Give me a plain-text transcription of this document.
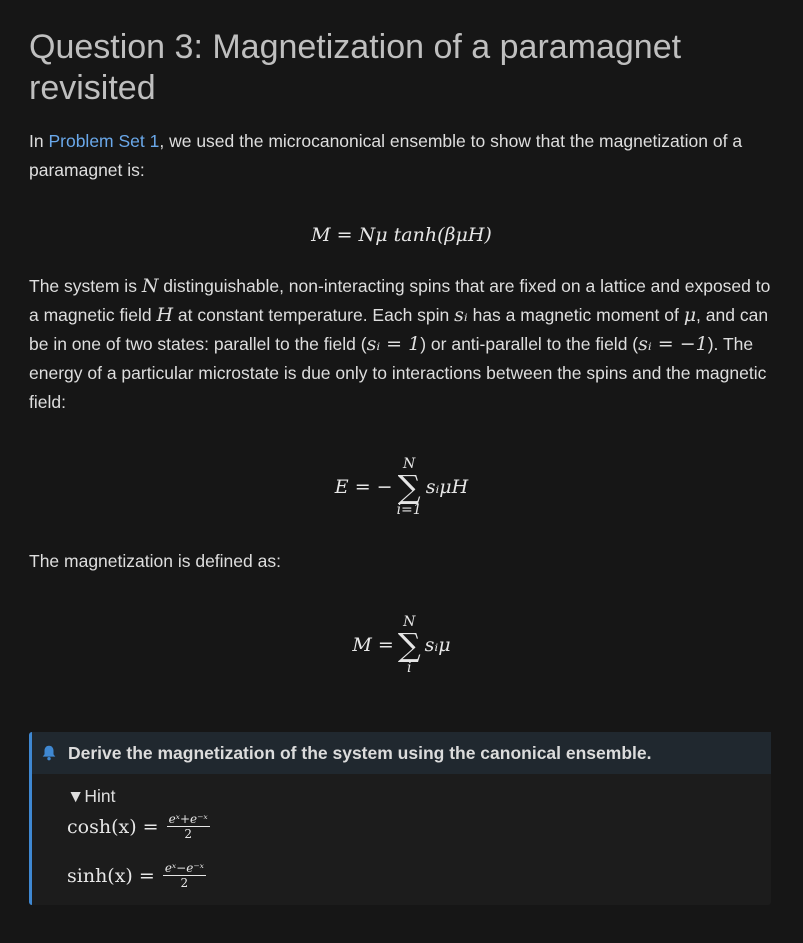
Question 3: Magnetization of a paramagnet revisited

In Problem Set 1, we used the microcanonical ensemble to show that the magnetization of a paramagnet is:

M = Nμ tanh(βμH)

The system is N distinguishable, non-interacting spins that are fixed on a lattice and exposed to a magnetic field H at constant temperature. Each spin sᵢ has a magnetic moment of μ, and can be in one of two states: parallel to the field (sᵢ = 1) or anti-parallel to the field (sᵢ = −1). The energy of a particular microstate is due only to interactions between the spins and the magnetic field:

E = −
N
∑
i=1
sᵢμH

The magnetization is defined as:

M =
N
∑
i
sᵢμ
Derive the magnetization of the system using the canonical ensemble.
▼Hint
$\cosh(x) = \frac{\text{eˣ+e⁻ˣ}}{2}$
$\sinh(x) = \frac{\text{eˣ−e⁻ˣ}}{2}$
